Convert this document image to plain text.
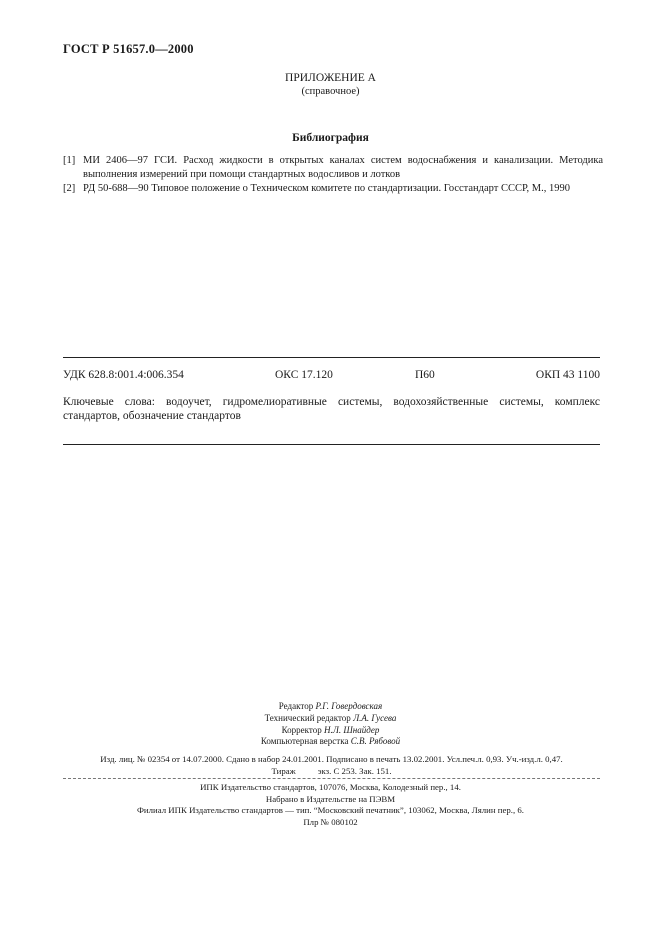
ГОСТ Р 51657.0—2000
ПРИЛОЖЕНИЕ А
(справочное)
Библиография
[1] МИ 2406—97 ГСИ. Расход жидкости в открытых каналах систем водоснабжения и канализации. Методика выполнения измерений при помощи стандартных водосливов и лотков
[2] РД 50-688—90 Типовое положение о Техническом комитете по стандартизации. Госстандарт СССР, М., 1990
УДК 628.8:001.4:006.354	ОКС 17.120	П60	ОКП 43 1100
Ключевые слова: водоучет, гидромелиоративные системы, водохозяйственные системы, комплекс стандартов, обозначение стандартов
Редактор Р.Г. Говердовская
Технический редактор Л.А. Гусева
Корректор Н.Л. Шнайдер
Компьютерная верстка С.В. Рябовой
Изд. лиц. № 02354 от 14.07.2000. Сдано в набор 24.01.2001. Подписано в печать 13.02.2001. Усл.печ.л. 0,93. Уч.-изд.л. 0,47.
Тираж          экз. С 253. Зак. 151.
ИПК Издательство стандартов, 107076, Москва, Колодезный пер., 14.
Набрано в Издательстве на ПЭВМ
Филиал ИПК Издательство стандартов — тип. “Московский печатник”, 103062, Москва, Лялин пер., 6.
Плр № 080102
